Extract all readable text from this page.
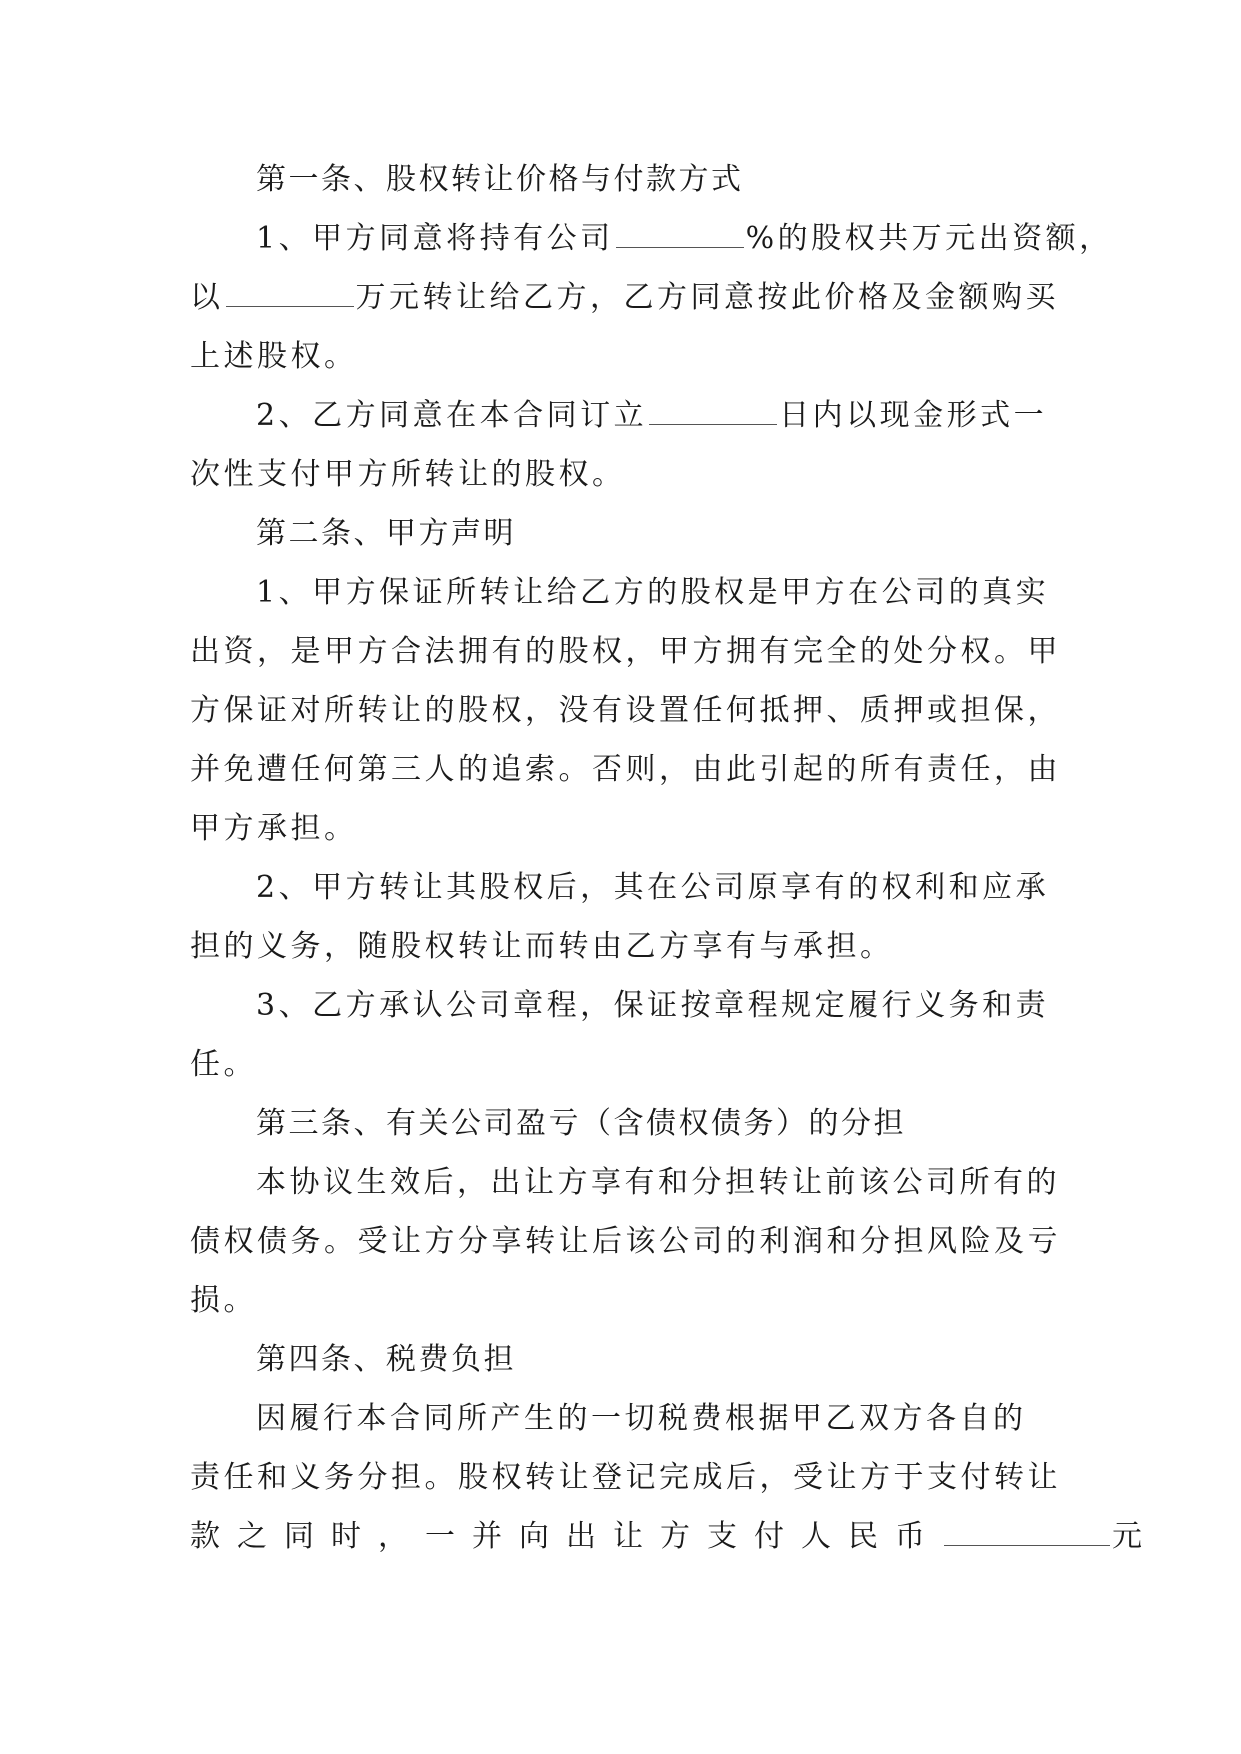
第一条、股权转让价格与付款方式
1、甲方同意将持有公司	%的股权共万元出资额，
以	万元转让给乙方，乙方同意按此价格及金额购买
上述股权。
2、乙方同意在本合同订立	日内以现金形式一
次性支付甲方所转让的股权。
第二条、甲方声明
1、甲方保证所转让给乙方的股权是甲方在公司的真实
出资，是甲方合法拥有的股权，甲方拥有完全的处分权。甲
方保证对所转让的股权，没有设置任何抵押、质押或担保，
并免遭任何第三人的追索。否则，由此引起的所有责任，由
甲方承担。
2、甲方转让其股权后，其在公司原享有的权利和应承
担的义务，随股权转让而转由乙方享有与承担。
3、乙方承认公司章程，保证按章程规定履行义务和责
任。
第三条、有关公司盈亏（含债权债务）的分担
本协议生效后，出让方享有和分担转让前该公司所有的
债权债务。受让方分享转让后该公司的利润和分担风险及亏
损。
第四条、税费负担
因履行本合同所产生的一切税费根据甲乙双方各自的
责任和义务分担。股权转让登记完成后，受让方于支付转让
款之同时，一并向出让方支付人民币	元
